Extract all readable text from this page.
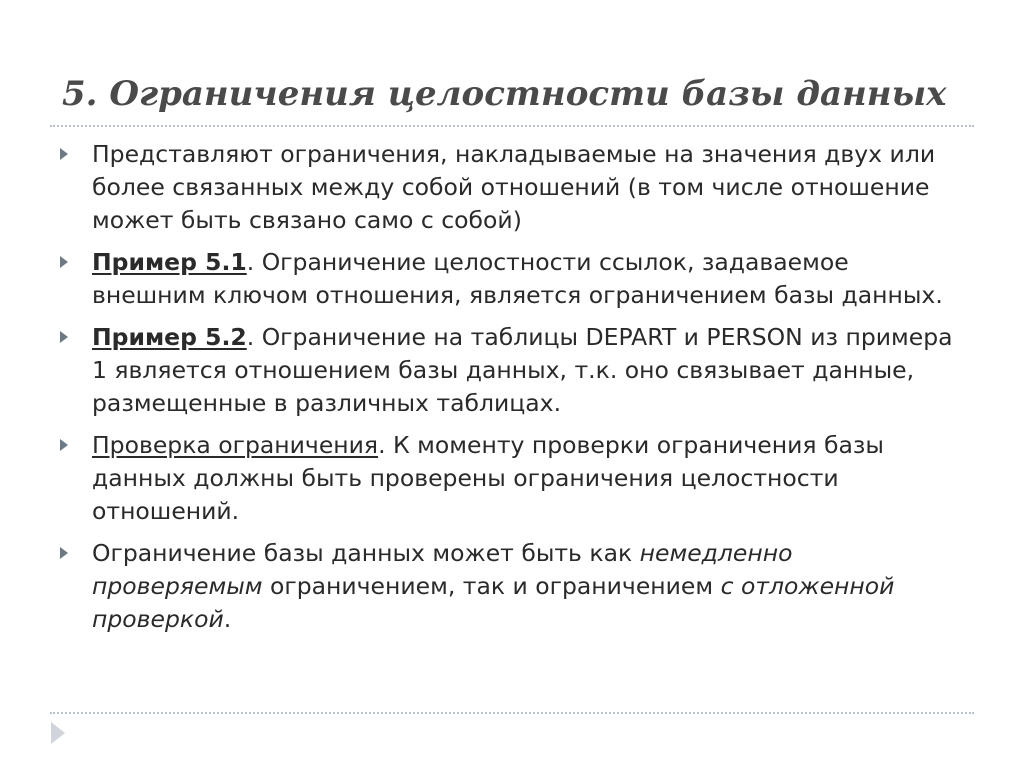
5. Ограничения целостности базы данных
Представляют ограничения, накладываемые на значения двух или более связанных между собой отношений (в том числе отношение может быть связано само с собой)
Пример 5.1. Ограничение целостности ссылок, задаваемое внешним ключом отношения, является ограничением базы данных.
Пример 5.2. Ограничение на таблицы DEPART и PERSON из примера 1 является отношением базы данных, т.к. оно связывает данные, размещенные в различных таблицах.
Проверка ограничения. К моменту проверки ограничения базы данных должны быть проверены ограничения целостности отношений.
Ограничение базы данных может быть как немедленно проверяемым ограничением, так и ограничением с отложенной проверкой.
